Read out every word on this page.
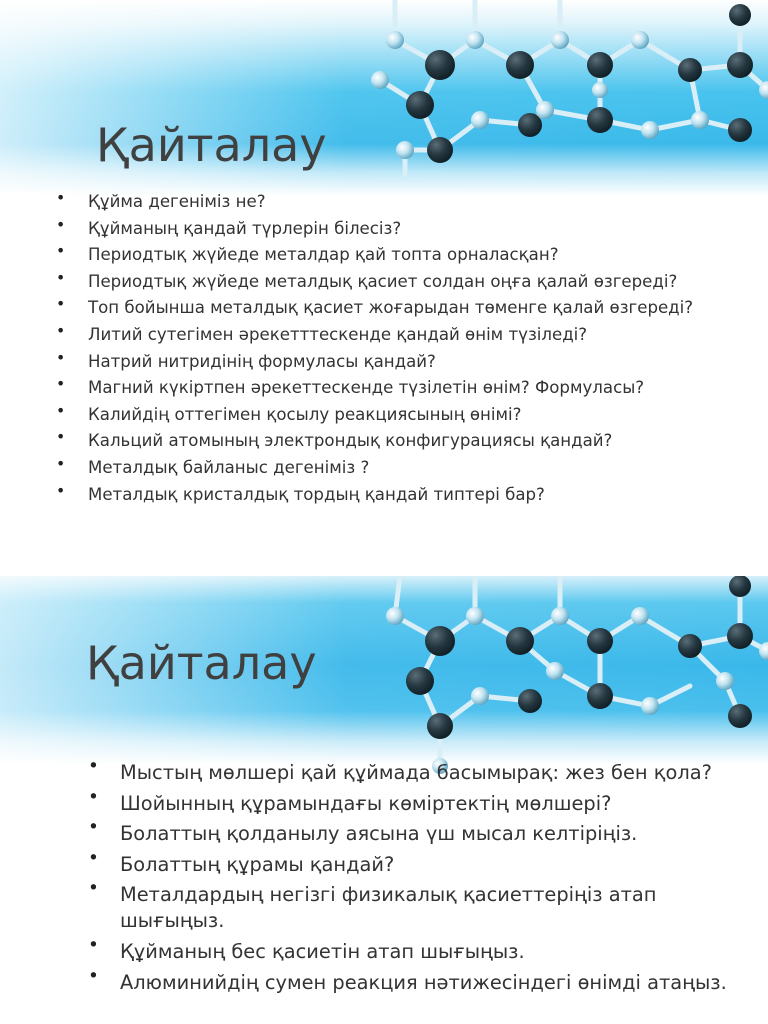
Қайталау
• Құйма дегеніміз не?
• Құйманың қандай түрлерін білесіз?
• Периодтық жүйеде металдар қай топта орналасқан?
• Периодтық жүйеде металдық қасиет солдан оңға қалай өзгереді?
• Топ бойынша металдық қасиет жоғарыдан төменге қалай өзгереді?
• Литий сутегімен әрекетттескенде қандай өнім түзіледі?
• Натрий нитридінің формуласы қандай?
• Магний күкіртпен әрекеттескенде түзілетін өнім? Формуласы?
• Калийдің оттегімен қосылу реакциясының өнімі?
• Кальций атомының электрондық конфигурациясы қандай?
• Металдық байланыс дегеніміз ?
• Металдық кристалдық тордың қандай типтері бар?
Қайталау
• Мыстың мөлшері қай құймада басымырақ: жез бен қола?
• Шойынның құрамындағы көміртектің мөлшері?
• Болаттың қолданылу аясына үш мысал келтіріңіз.
• Болаттың құрамы қандай?
• Металдардың негізгі физикалық қасиеттеріңіз атап шығыңыз.
• Құйманың бес қасиетін атап шығыңыз.
• Алюминийдің сумен реакция нәтижесіндегі өнімді атаңыз.
